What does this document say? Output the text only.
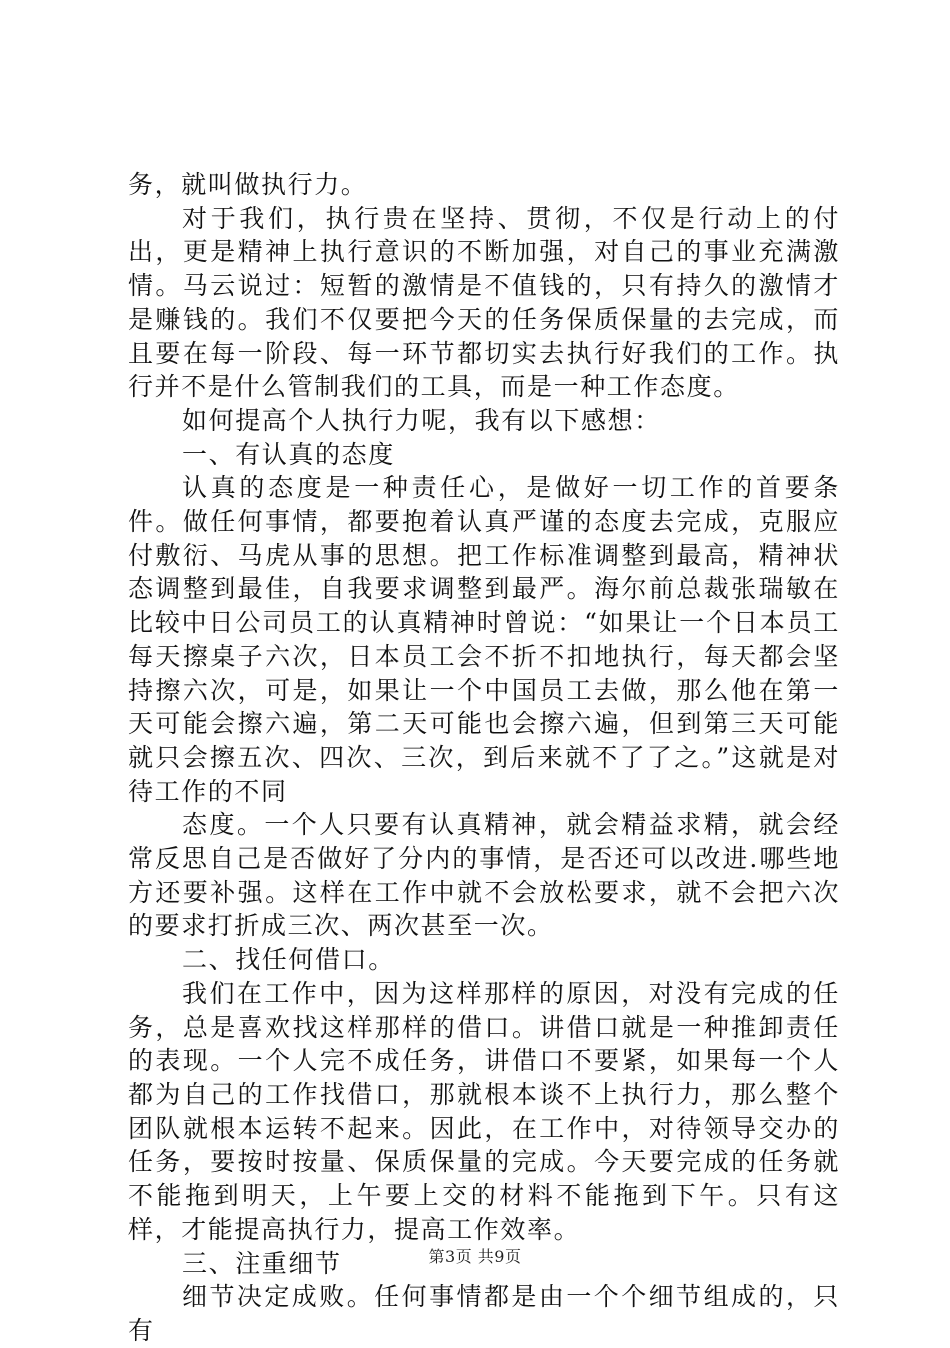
务，就叫做执行力。

对于我们，执行贵在坚持、贯彻，不仅是行动上的付出，更是精神上执行意识的不断加强，对自己的事业充满激情。马云说过：短暂的激情是不值钱的，只有持久的激情才是赚钱的。我们不仅要把今天的任务保质保量的去完成，而且要在每一阶段、每一环节都切实去执行好我们的工作。执行并不是什么管制我们的工具，而是一种工作态度。

如何提高个人执行力呢，我有以下感想：

一、有认真的态度

认真的态度是一种责任心，是做好一切工作的首要条件。做任何事情，都要抱着认真严谨的态度去完成，克服应付敷衍、马虎从事的思想。把工作标准调整到最高，精神状态调整到最佳，自我要求调整到最严。海尔前总裁张瑞敏在比较中日公司员工的认真精神时曾说：“如果让一个日本员工每天擦桌子六次，日本员工会不折不扣地执行，每天都会坚持擦六次，可是，如果让一个中国员工去做，那么他在第一天可能会擦六遍，第二天可能也会擦六遍，但到第三天可能就只会擦五次、四次、三次，到后来就不了了之。”这就是对待工作的不同

态度。一个人只要有认真精神，就会精益求精，就会经常反思自己是否做好了分内的事情，是否还可以改进.哪些地方还要补强。这样在工作中就不会放松要求，就不会把六次的要求打折成三次、两次甚至一次。

二、找任何借口。

我们在工作中，因为这样那样的原因，对没有完成的任务，总是喜欢找这样那样的借口。讲借口就是一种推卸责任的表现。一个人完不成任务，讲借口不要紧，如果每一个人都为自己的工作找借口，那就根本谈不上执行力，那么整个团队就根本运转不起来。因此，在工作中，对待领导交办的任务，要按时按量、保质保量的完成。今天要完成的任务就不能拖到明天，上午要上交的材料不能拖到下午。只有这样，才能提高执行力，提高工作效率。

三、注重细节

细节决定成败。任何事情都是由一个个细节组成的，只有

第3页 共9页
